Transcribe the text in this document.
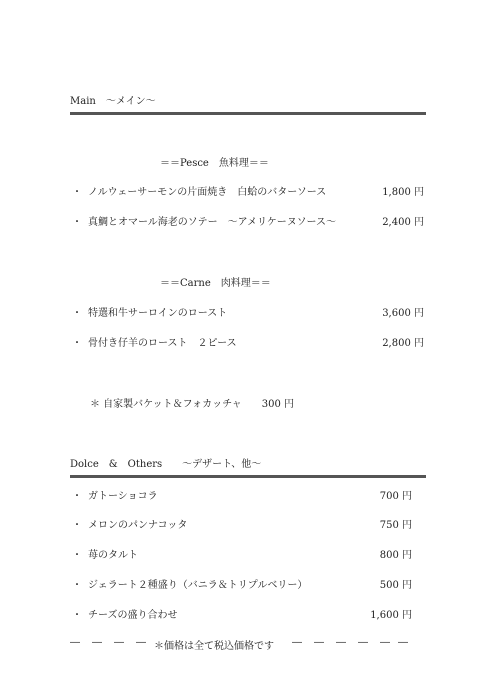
Main　～メイン～
＝＝Pesce　魚料理＝＝
・ ノルウェーサーモンの片面焼き　白蛤のバターソース	1,800 円
・ 真鯛とオマール海老のソテー　～アメリケーヌソース～	2,400 円
＝＝Carne　肉料理＝＝
・ 特選和牛サーロインのロースト	3,600 円
・ 骨付き仔羊のロースト　２ピース	2,800 円
＊ 自家製バケット＆フォカッチャ　　300 円
Dolce　&　Others　　～デザート、他～
・ ガトーショコラ	700 円
・ メロンのパンナコッタ	750 円
・ 苺のタルト	800 円
・ ジェラート２種盛り（バニラ＆トリプルベリー）	500 円
・ チーズの盛り合わせ	1,600 円
― ― ― ― ＊価格は全て税込価格です ― ― ― ― ― ―
